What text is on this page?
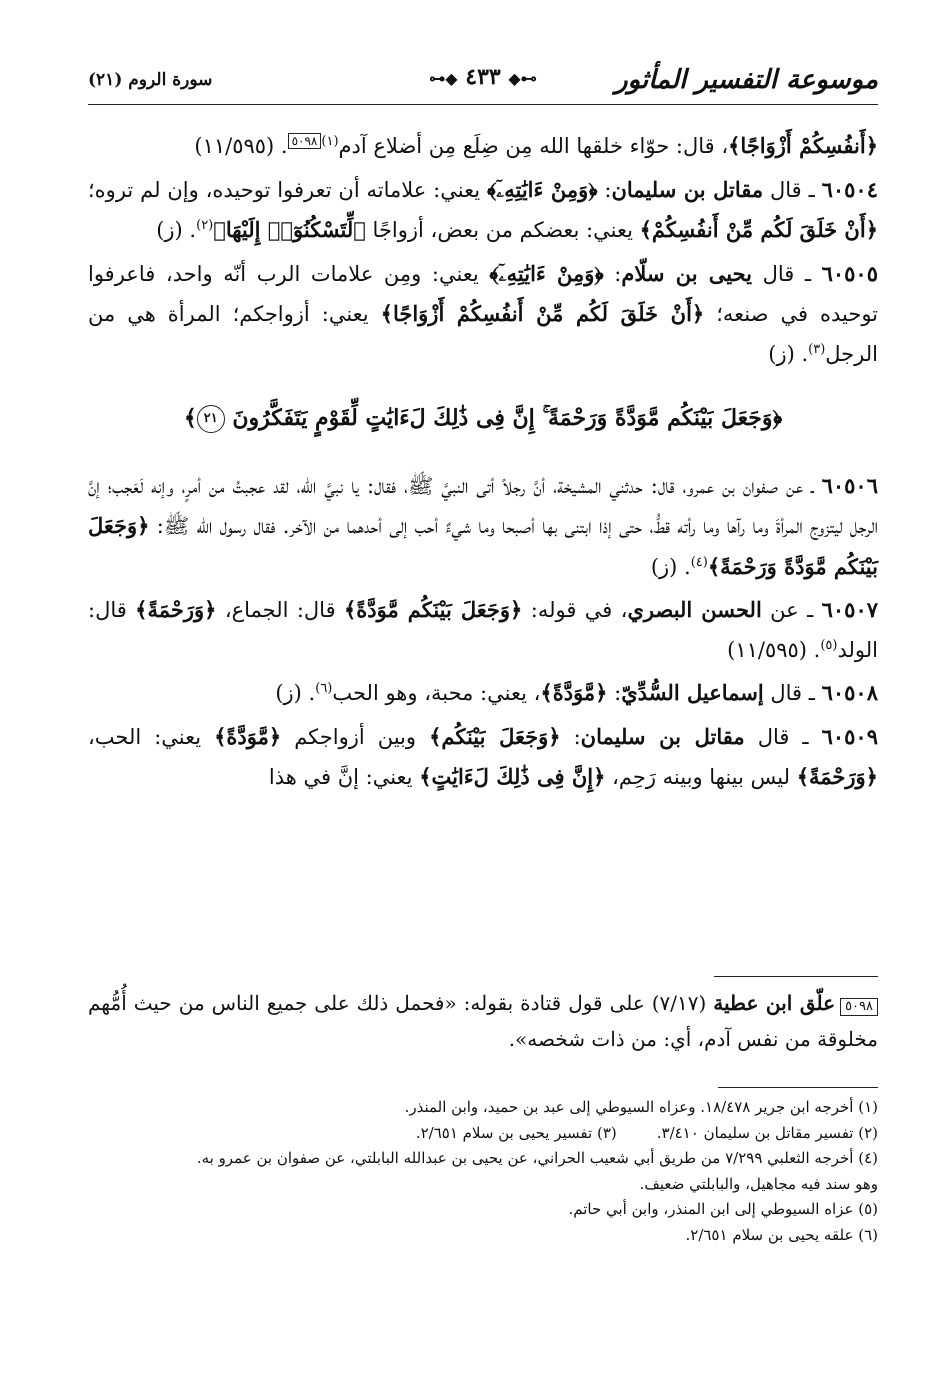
موسوعة التفسير المأثور
⊶◆ ٤٣٣ ◆⊷
سورة الروم (٢١)

﴿أَنفُسِكُمْ أَزْوَاجًا﴾، قال: حوّاء خلقها الله مِن ضِلَع مِن أضلاع آدم$^{(١)}$٥٠٩٨. (١١/٥٩٥)

٦٠٥٠٤ ـ قال مقاتل بن سليمان: ﴿وَمِنْ ءَايَٰتِهِۦٓ﴾ يعني: علاماته أن تعرفوا توحيده، وإن لم تروه؛ ﴿أَنْ خَلَقَ لَكُم مِّنْ أَنفُسِكُمْ﴾ يعني: بعضكم من بعض، أزواجًا ﴿لِّتَسْكُنُوٓا۟ إِلَيْهَا﴾$^{(٢)}$. (ز)

٦٠٥٠٥ ـ قال يحيى بن سلّام: ﴿وَمِنْ ءَايَٰتِهِۦٓ﴾ يعني: ومِن علامات الرب أنّه واحد، فاعرفوا توحيده في صنعه؛ ﴿أَنْ خَلَقَ لَكُم مِّنْ أَنفُسِكُمْ أَزْوَاجًا﴾ يعني: أزواجكم؛ المرأة هي من الرجل$^{(٣)}$. (ز)

﴿وَجَعَلَ بَيْنَكُم مَّوَدَّةً وَرَحْمَةً ۚ إِنَّ فِى ذَٰلِكَ لَءَايَٰتٍ لِّقَوْمٍ يَتَفَكَّرُونَ ٢١﴾

٦٠٥٠٦ ـ عن صفوان بن عمرو، قال: حدثني المشيخة، أنَّ رجلاً أتى النبيَّ ﷺ، فقال: يا نبيَّ الله، لقد عجبتُ من أمرٍ، وإنه لَعَجب؛ إنَّ الرجل ليتزوج المرأةَ وما رآها وما رأته قطُّ، حتى إذا ابتنى بها أصبحا وما شيءٌ أحب إلى أحدهما من الآخر. فقال رسول الله ﷺ: ﴿وَجَعَلَ بَيْنَكُم مَّوَدَّةً وَرَحْمَةً﴾$^{(٤)}$. (ز)

٦٠٥٠٧ ـ عن الحسن البصري، في قوله: ﴿وَجَعَلَ بَيْنَكُم مَّوَدَّةً﴾ قال: الجماع، ﴿وَرَحْمَةً﴾ قال: الولد$^{(٥)}$. (١١/٥٩٥)

٦٠٥٠٨ ـ قال إسماعيل السُّدِّيّ: ﴿مَّوَدَّةً﴾، يعني: محبة، وهو الحب$^{(٦)}$. (ز)

٦٠٥٠٩ ـ قال مقاتل بن سليمان: ﴿وَجَعَلَ بَيْنَكُم﴾ وبين أزواجكم ﴿مَّوَدَّةً﴾ يعني: الحب، ﴿وَرَحْمَةً﴾ ليس بينها وبينه رَحِم، ﴿إِنَّ فِى ذَٰلِكَ لَءَايَٰتٍ﴾ يعني: إنَّ في هذا

٥٠٩٨علّق ابن عطية (٧/١٧) على قول قتادة بقوله: «فحمل ذلك على جميع الناس من حيث أُمُّهم مخلوقة من نفس آدم، أي: من ذات شخصه».

(١) أخرجه ابن جرير ١٨/٤٧٨. وعزاه السيوطي إلى عبد بن حميد، وابن المنذر.

(٢) تفسير مقاتل بن سليمان ٣/٤١٠.
(٣) تفسير يحيى بن سلام ٢/٦٥١.

(٤) أخرجه الثعلبي ٧/٢٩٩ من طريق أبي شعيب الحراني، عن يحيى بن عبدالله البابلتي، عن صفوان بن عمرو به.

وهو سند فيه مجاهيل، والبابلتي ضعيف.

(٥) عزاه السيوطي إلى ابن المنذر، وابن أبي حاتم.

(٦) علقه يحيى بن سلام ٢/٦٥١.
